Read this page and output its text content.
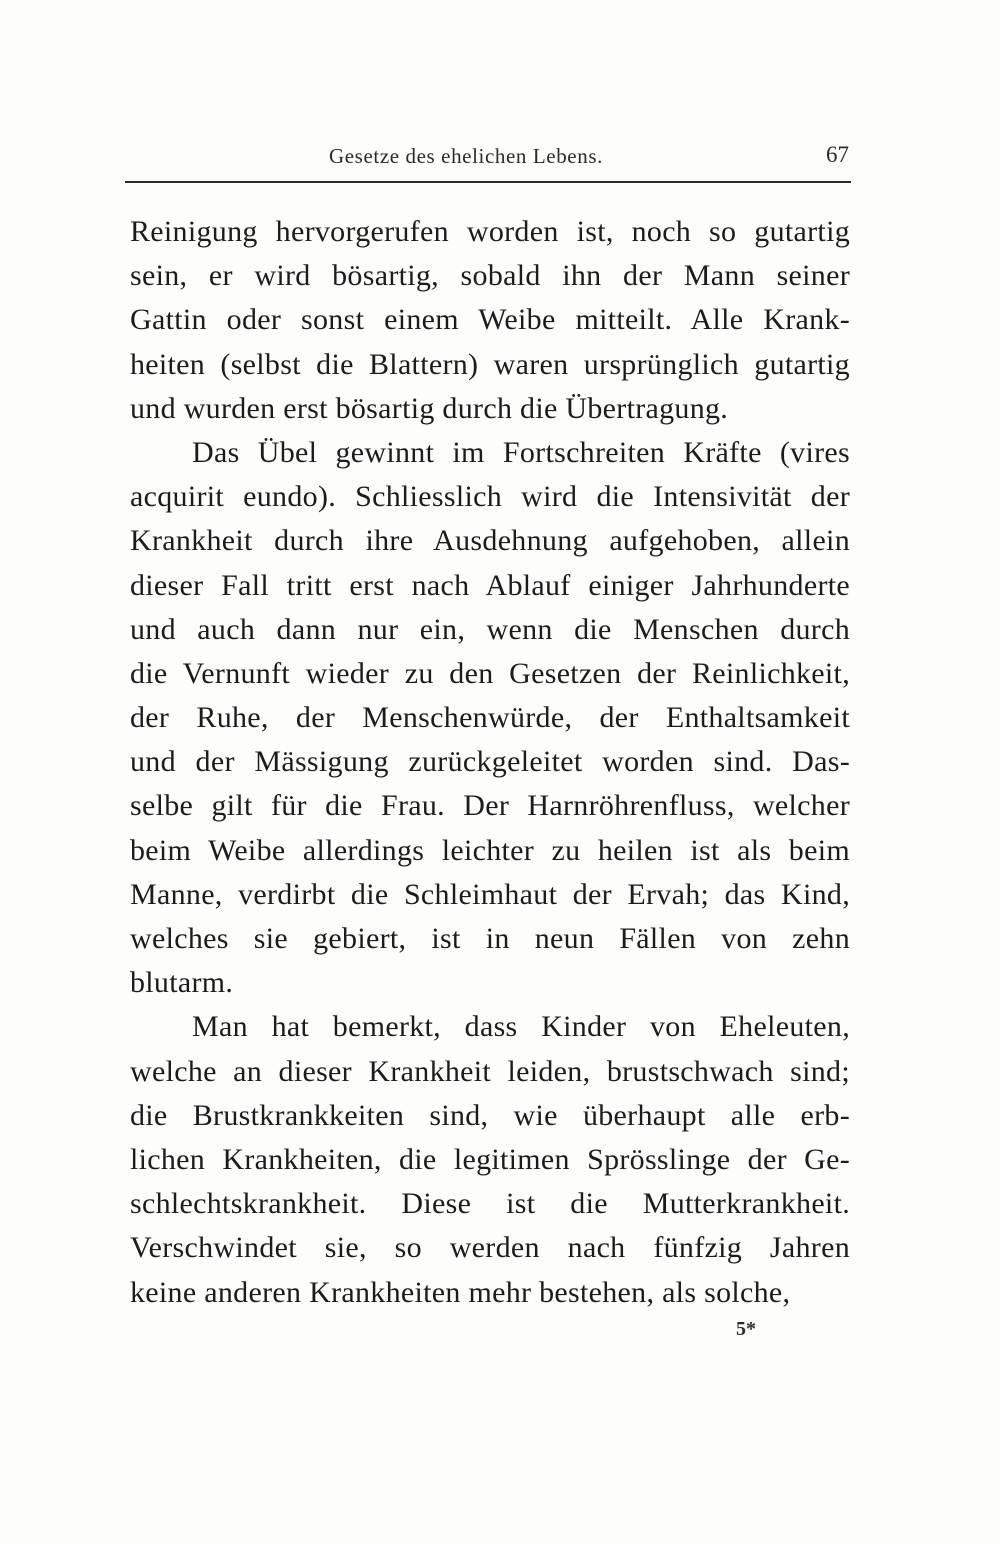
Gesetze des ehelichen Lebens.	67
Reinigung hervorgerufen worden ist, noch so gutartig
sein, er wird bösartig, sobald ihn der Mann seiner
Gattin oder sonst einem Weibe mitteilt. Alle Krank-
heiten (selbst die Blattern) waren ursprünglich gutartig
und wurden erst bösartig durch die Übertragung.
Das Übel gewinnt im Fortschreiten Kräfte (vires
acquirit eundo). Schliesslich wird die Intensivität der
Krankheit durch ihre Ausdehnung aufgehoben, allein
dieser Fall tritt erst nach Ablauf einiger Jahrhunderte
und auch dann nur ein, wenn die Menschen durch
die Vernunft wieder zu den Gesetzen der Reinlichkeit,
der Ruhe, der Menschenwürde, der Enthaltsamkeit
und der Mässigung zurückgeleitet worden sind. Das-
selbe gilt für die Frau. Der Harnröhrenfluss, welcher
beim Weibe allerdings leichter zu heilen ist als beim
Manne, verdirbt die Schleimhaut der Ervah; das Kind,
welches sie gebiert, ist in neun Fällen von zehn
blutarm.
Man hat bemerkt, dass Kinder von Eheleuten,
welche an dieser Krankheit leiden, brustschwach sind;
die Brustkrankkeiten sind, wie überhaupt alle erb-
lichen Krankheiten, die legitimen Sprösslinge der Ge-
schlechtskrankheit. Diese ist die Mutterkrankheit.
Verschwindet sie, so werden nach fünfzig Jahren
keine anderen Krankheiten mehr bestehen, als solche,
5*
